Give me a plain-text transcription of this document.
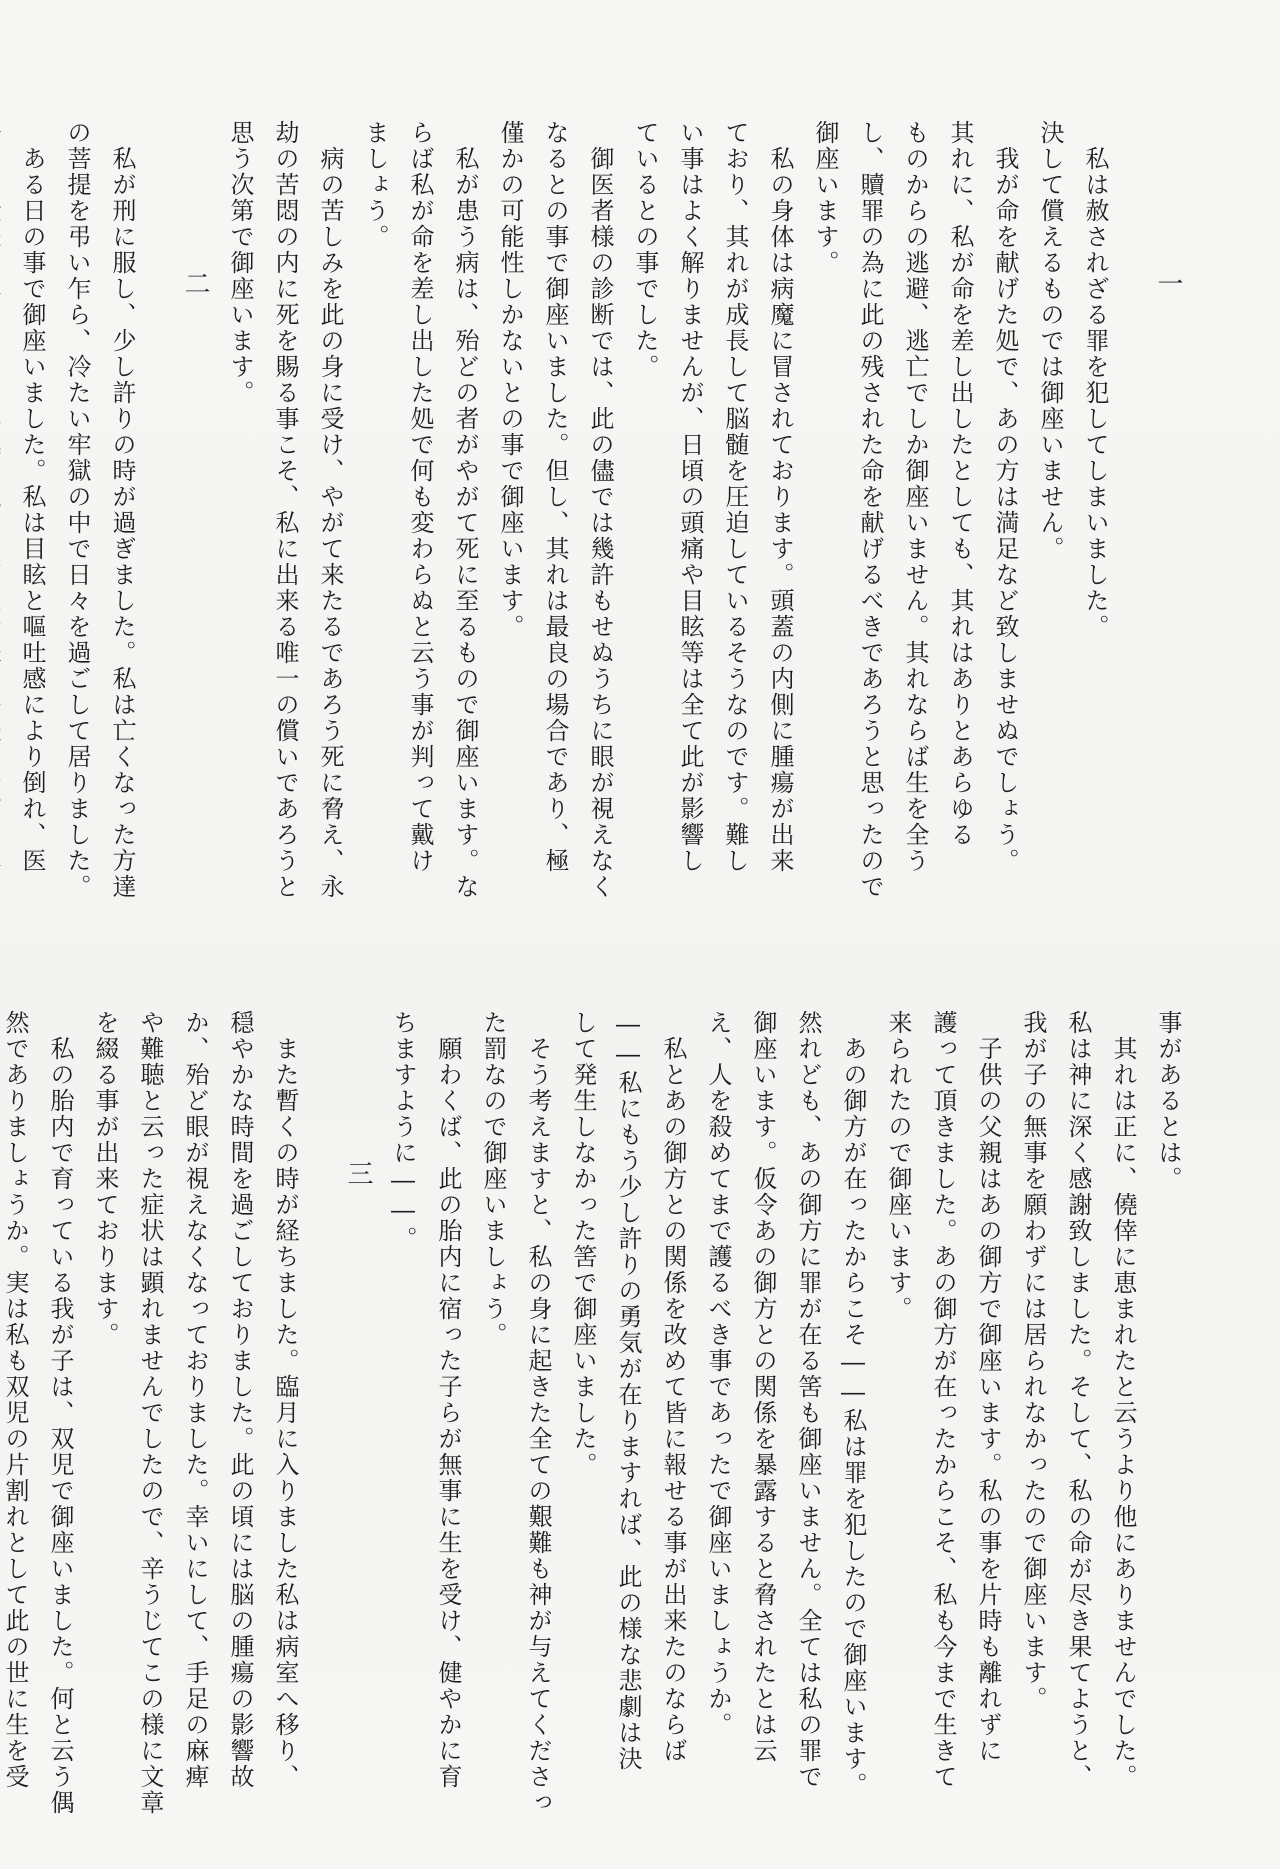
一

　私は赦されざる罪を犯してしまいました。

決して償えるものでは御座いません。

　我が命を献げた処で、あの方は満足など致しませぬでしょう。

其れに、私が命を差し出したとしても、其れはありとあらゆる

ものからの逃避、逃亡でしか御座いません。其れならば生を全う

し、贖罪の為に此の残された命を献げるべきであろうと思ったので

御座います。

　私の身体は病魔に冒されております。頭蓋の内側に腫瘍が出来

ており、其れが成長して脳髄を圧迫しているそうなのです。難し

い事はよく解りませんが、日頃の頭痛や目眩等は全て此が影響し

ているとの事でした。

　御医者様の診断では、此の儘では幾許もせぬうちに眼が視えなく

なるとの事で御座いました。但し、其れは最良の場合であり、極

僅かの可能性しかないとの事で御座います。

　私が患う病は、殆どの者がやがて死に至るもので御座います。な

らば私が命を差し出した処で何も変わらぬと云う事が判って戴け

ましょう。

　病の苦しみを此の身に受け、やがて来たるであろう死に脅え、永

劫の苦悶の内に死を賜る事こそ、私に出来る唯一の償いであろうと

思う次第で御座います。

二

　私が刑に服し、少し許りの時が過ぎました。私は亡くなった方達

の菩提を弔い乍ら、冷たい牢獄の中で日々を過ごして居りました。

　ある日の事で御座いました。私は目眩と嘔吐感により倒れ、医

事があるとは。

　其れは正に、僥倖に恵まれたと云うより他にありませんでした。

私は神に深く感謝致しました。そして、私の命が尽き果てようと、

我が子の無事を願わずには居られなかったので御座います。

　子供の父親はあの御方で御座います。私の事を片時も離れずに

護って頂きました。あの御方が在ったからこそ、私も今まで生きて

来られたので御座います。

　あの御方が在ったからこそ――私は罪を犯したので御座います。

然れども、あの御方に罪が在る筈も御座いません。全ては私の罪で

御座います。仮令あの御方との関係を暴露すると脅されたとは云

え、人を殺めてまで護るべき事であったで御座いましょうか。

　私とあの御方との関係を改めて皆に報せる事が出来たのならば

――私にもう少し許りの勇気が在りますれば、此の様な悲劇は決

して発生しなかった筈で御座いました。

　そう考えますと、私の身に起きた全ての艱難も神が与えてくださっ

た罰なので御座いましょう。

　願わくば、此の胎内に宿った子らが無事に生を受け、健やかに育

ちますように――。

三

　また暫くの時が経ちました。臨月に入りました私は病室へ移り、

穏やかな時間を過ごしておりました。此の頃には脳の腫瘍の影響故

か、殆ど眼が視えなくなっておりました。幸いにして、手足の麻痺

や難聴と云った症状は顕れませんでしたので、辛うじてこの様に文章

を綴る事が出来ております。

　私の胎内で育っている我が子は、双児で御座いました。何と云う偶

然でありましょうか。実は私も双児の片割れとして此の世に生を受
